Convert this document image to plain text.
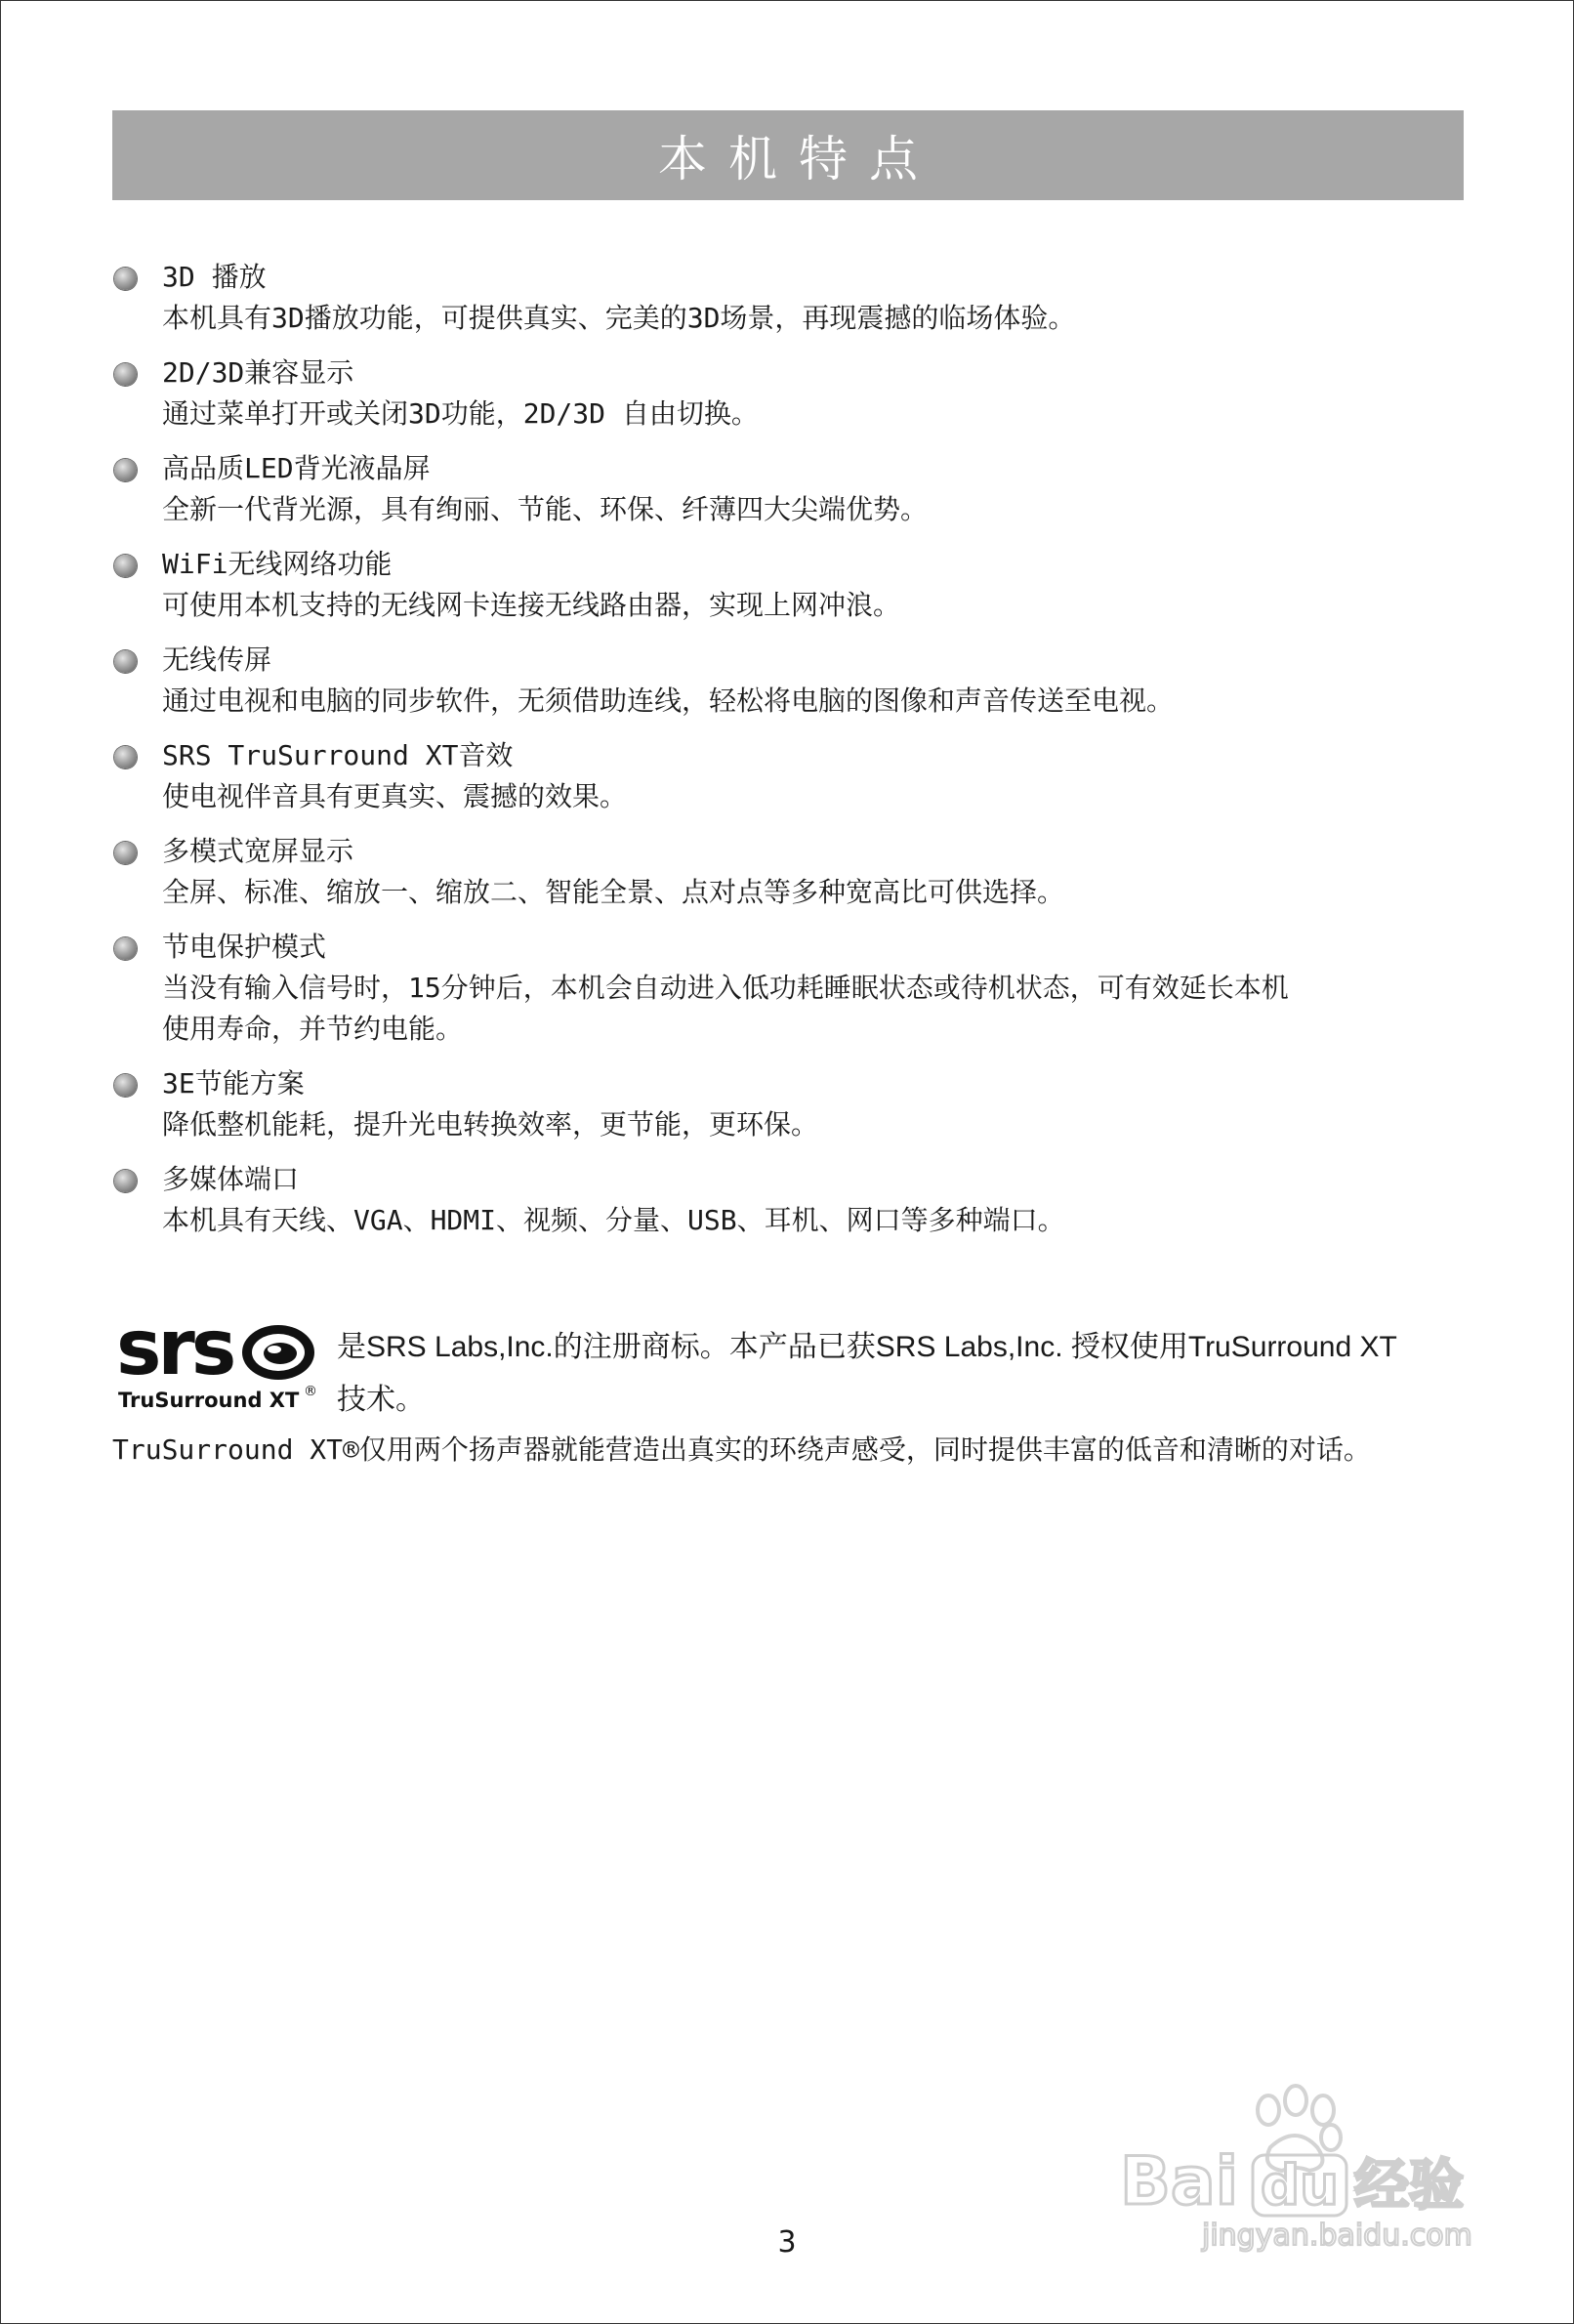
本机特点
3D 播放
本机具有3D播放功能，可提供真实、完美的3D场景，再现震撼的临场体验。
2D/3D兼容显示
通过菜单打开或关闭3D功能，2D/3D 自由切换。
高品质LED背光液晶屏
全新一代背光源，具有绚丽、节能、环保、纤薄四大尖端优势。
WiFi无线网络功能
可使用本机支持的无线网卡连接无线路由器，实现上网冲浪。
无线传屏
通过电视和电脑的同步软件，无须借助连线，轻松将电脑的图像和声音传送至电视。
SRS TruSurround XT音效
使电视伴音具有更真实、震撼的效果。
多模式宽屏显示
全屏、标准、缩放一、缩放二、智能全景、点对点等多种宽高比可供选择。
节电保护模式
当没有输入信号时，15分钟后，本机会自动进入低功耗睡眠状态或待机状态，可有效延长本机
使用寿命，并节约电能。
3E节能方案
降低整机能耗，提升光电转换效率，更节能，更环保。
多媒体端口
本机具有天线、VGA、HDMI、视频、分量、USB、耳机、网口等多种端口。
srs
TruSurround XT ®
是SRS Labs,Inc.的注册商标。本产品已获SRS Labs,Inc. 授权使用TruSurround XT
技术。
TruSurround XT®仅用两个扬声器就能营造出真实的环绕声感受，同时提供丰富的低音和清晰的对话。
Bai du 经验
jingyan.baidu.com
3
